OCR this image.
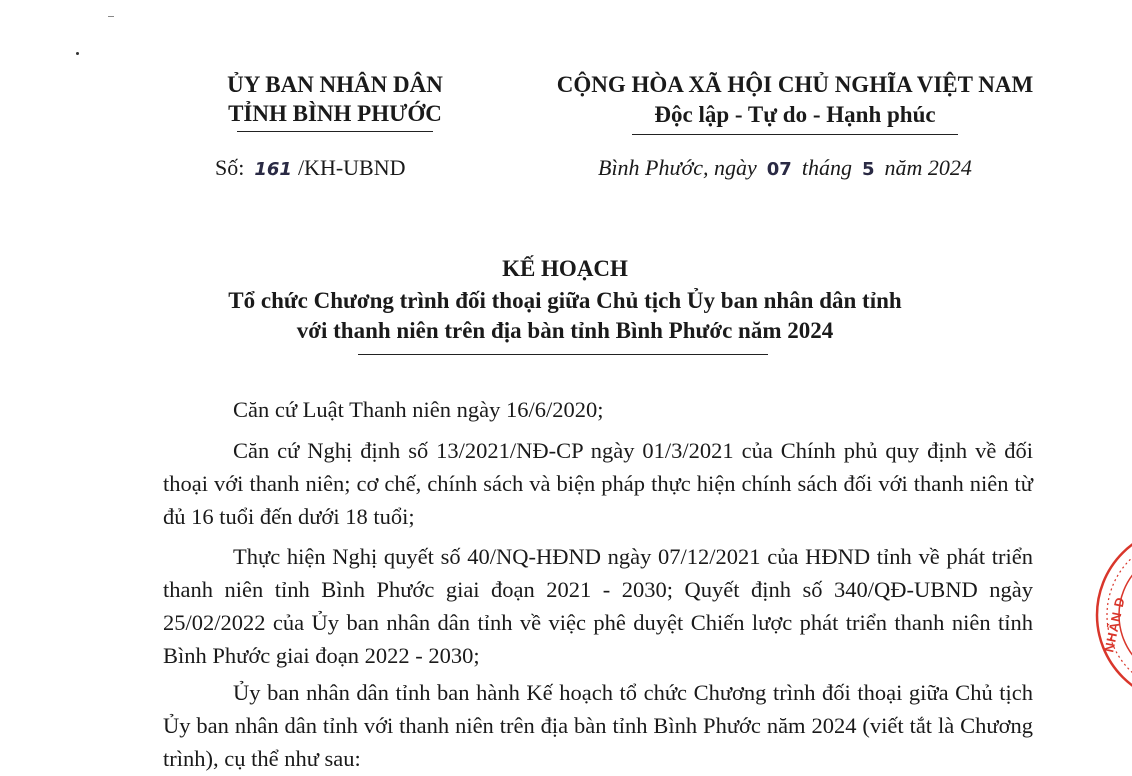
ỦY BAN NHÂN DÂN
TỈNH BÌNH PHƯỚC
CỘNG HÒA XÃ HỘI CHỦ NGHĨA VIỆT NAM
Độc lập - Tự do - Hạnh phúc
Số: 161 /KH-UBND	Bình Phước, ngày 07 tháng 5 năm 2024
KẾ HOẠCH
Tổ chức Chương trình đối thoại giữa Chủ tịch Ủy ban nhân dân tỉnh
với thanh niên trên địa bàn tỉnh Bình Phước năm 2024

Căn cứ Luật Thanh niên ngày 16/6/2020;

Căn cứ Nghị định số 13/2021/NĐ-CP ngày 01/3/2021 của Chính phủ quy định về đối thoại với thanh niên; cơ chế, chính sách và biện pháp thực hiện chính sách đối với thanh niên từ đủ 16 tuổi đến dưới 18 tuổi;

Thực hiện Nghị quyết số 40/NQ-HĐND ngày 07/12/2021 của HĐND tỉnh về phát triển thanh niên tỉnh Bình Phước giai đoạn 2021 - 2030; Quyết định số 340/QĐ-UBND ngày 25/02/2022 của Ủy ban nhân dân tỉnh về việc phê duyệt Chiến lược phát triển thanh niên tỉnh Bình Phước giai đoạn 2022 - 2030;

Ủy ban nhân dân tỉnh ban hành Kế hoạch tổ chức Chương trình đối thoại giữa Chủ tịch Ủy ban nhân dân tỉnh với thanh niên trên địa bàn tỉnh Bình Phước năm 2024 (viết tắt là Chương trình), cụ thể như sau:

NHÂN D
